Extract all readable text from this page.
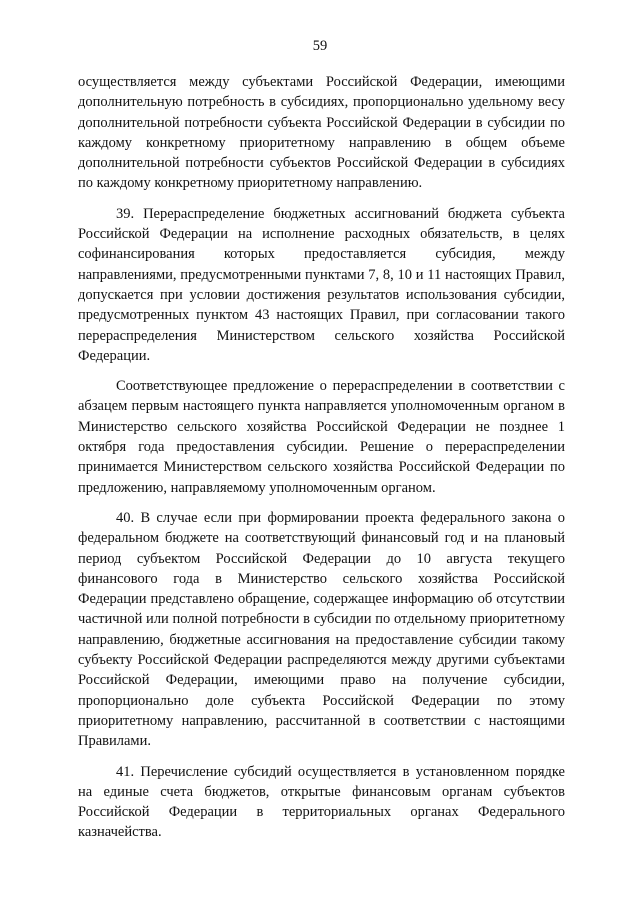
59

осуществляется между субъектами Российской Федерации, имеющими дополнительную потребность в субсидиях, пропорционально удельному весу дополнительной потребности субъекта Российской Федерации в субсидии по каждому конкретному приоритетному направлению в общем объеме дополнительной потребности субъектов Российской Федерации в субсидиях по каждому конкретному приоритетному направлению.

39. Перераспределение бюджетных ассигнований бюджета субъекта Российской Федерации на исполнение расходных обязательств, в целях софинансирования которых предоставляется субсидия, между направлениями, предусмотренными пунктами 7, 8, 10 и 11 настоящих Правил, допускается при условии достижения результатов использования субсидии, предусмотренных пунктом 43 настоящих Правил, при согласовании такого перераспределения Министерством сельского хозяйства Российской Федерации.

Соответствующее предложение о перераспределении в соответствии с абзацем первым настоящего пункта направляется уполномоченным органом в Министерство сельского хозяйства Российской Федерации не позднее 1 октября года предоставления субсидии. Решение о перераспределении принимается Министерством сельского хозяйства Российской Федерации по предложению, направляемому уполномоченным органом.

40. В случае если при формировании проекта федерального закона о федеральном бюджете на соответствующий финансовый год и на плановый период субъектом Российской Федерации до 10 августа текущего финансового года в Министерство сельского хозяйства Российской Федерации представлено обращение, содержащее информацию об отсутствии частичной или полной потребности в субсидии по отдельному приоритетному направлению, бюджетные ассигнования на предоставление субсидии такому субъекту Российской Федерации распределяются между другими субъектами Российской Федерации, имеющими право на получение субсидии, пропорционально доле субъекта Российской Федерации по этому приоритетному направлению, рассчитанной в соответствии с настоящими Правилами.

41. Перечисление субсидий осуществляется в установленном порядке на единые счета бюджетов, открытые финансовым органам субъектов Российской Федерации в территориальных органах Федерального казначейства.
